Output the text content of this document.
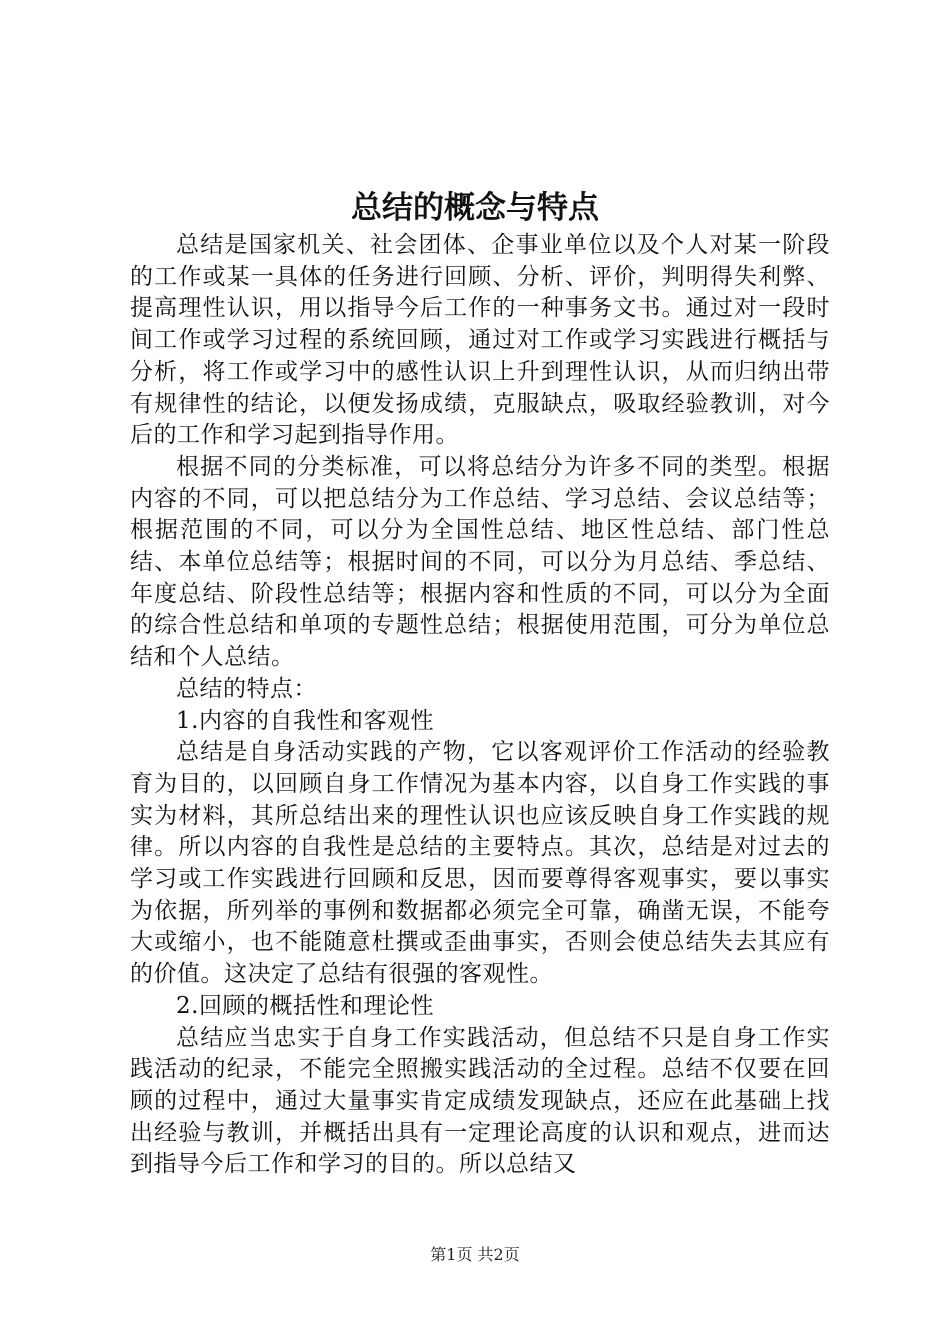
总结的概念与特点

总结是国家机关、社会团体、企事业单位以及个人对某一阶段的工作或某一具体的任务进行回顾、分析、评价，判明得失利弊、提高理性认识，用以指导今后工作的一种事务文书。通过对一段时间工作或学习过程的系统回顾，通过对工作或学习实践进行概括与分析，将工作或学习中的感性认识上升到理性认识，从而归纳出带有规律性的结论，以便发扬成绩，克服缺点，吸取经验教训，对今后的工作和学习起到指导作用。

根据不同的分类标准，可以将总结分为许多不同的类型。根据内容的不同，可以把总结分为工作总结、学习总结、会议总结等；根据范围的不同，可以分为全国性总结、地区性总结、部门性总结、本单位总结等；根据时间的不同，可以分为月总结、季总结、年度总结、阶段性总结等；根据内容和性质的不同，可以分为全面的综合性总结和单项的专题性总结；根据使用范围，可分为单位总结和个人总结。

总结的特点：

1.内容的自我性和客观性

总结是自身活动实践的产物，它以客观评价工作活动的经验教育为目的，以回顾自身工作情况为基本内容，以自身工作实践的事实为材料，其所总结出来的理性认识也应该反映自身工作实践的规律。所以内容的自我性是总结的主要特点。其次，总结是对过去的学习或工作实践进行回顾和反思，因而要尊得客观事实，要以事实为依据，所列举的事例和数据都必须完全可靠，确凿无误，不能夸大或缩小，也不能随意杜撰或歪曲事实，否则会使总结失去其应有的价值。这决定了总结有很强的客观性。

2.回顾的概括性和理论性

总结应当忠实于自身工作实践活动，但总结不只是自身工作实践活动的纪录，不能完全照搬实践活动的全过程。总结不仅要在回顾的过程中，通过大量事实肯定成绩发现缺点，还应在此基础上找出经验与教训，并概括出具有一定理论高度的认识和观点，进而达到指导今后工作和学习的目的。所以总结又

第1页 共2页
